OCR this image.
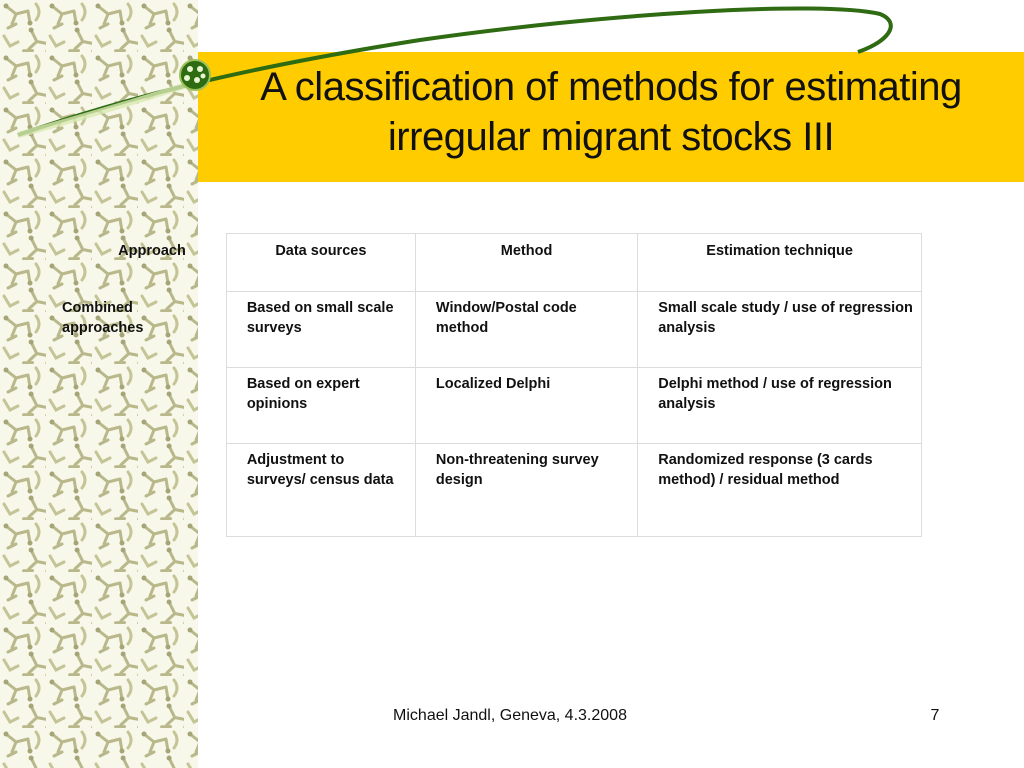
A classification of methods for estimating
irregular migrant stocks III
Approach	Data sources	Method	Estimation technique
Combined approaches	Based on small scale surveys	Window/Postal code method	Small scale study / use of regression analysis
	Based on expert opinions	Localized Delphi	Delphi method / use of regression analysis
	Adjustment to surveys/ census data	Non-threatening survey design	Randomized response (3 cards method) / residual method
Michael Jandl, Geneva, 4.3.2008	7
